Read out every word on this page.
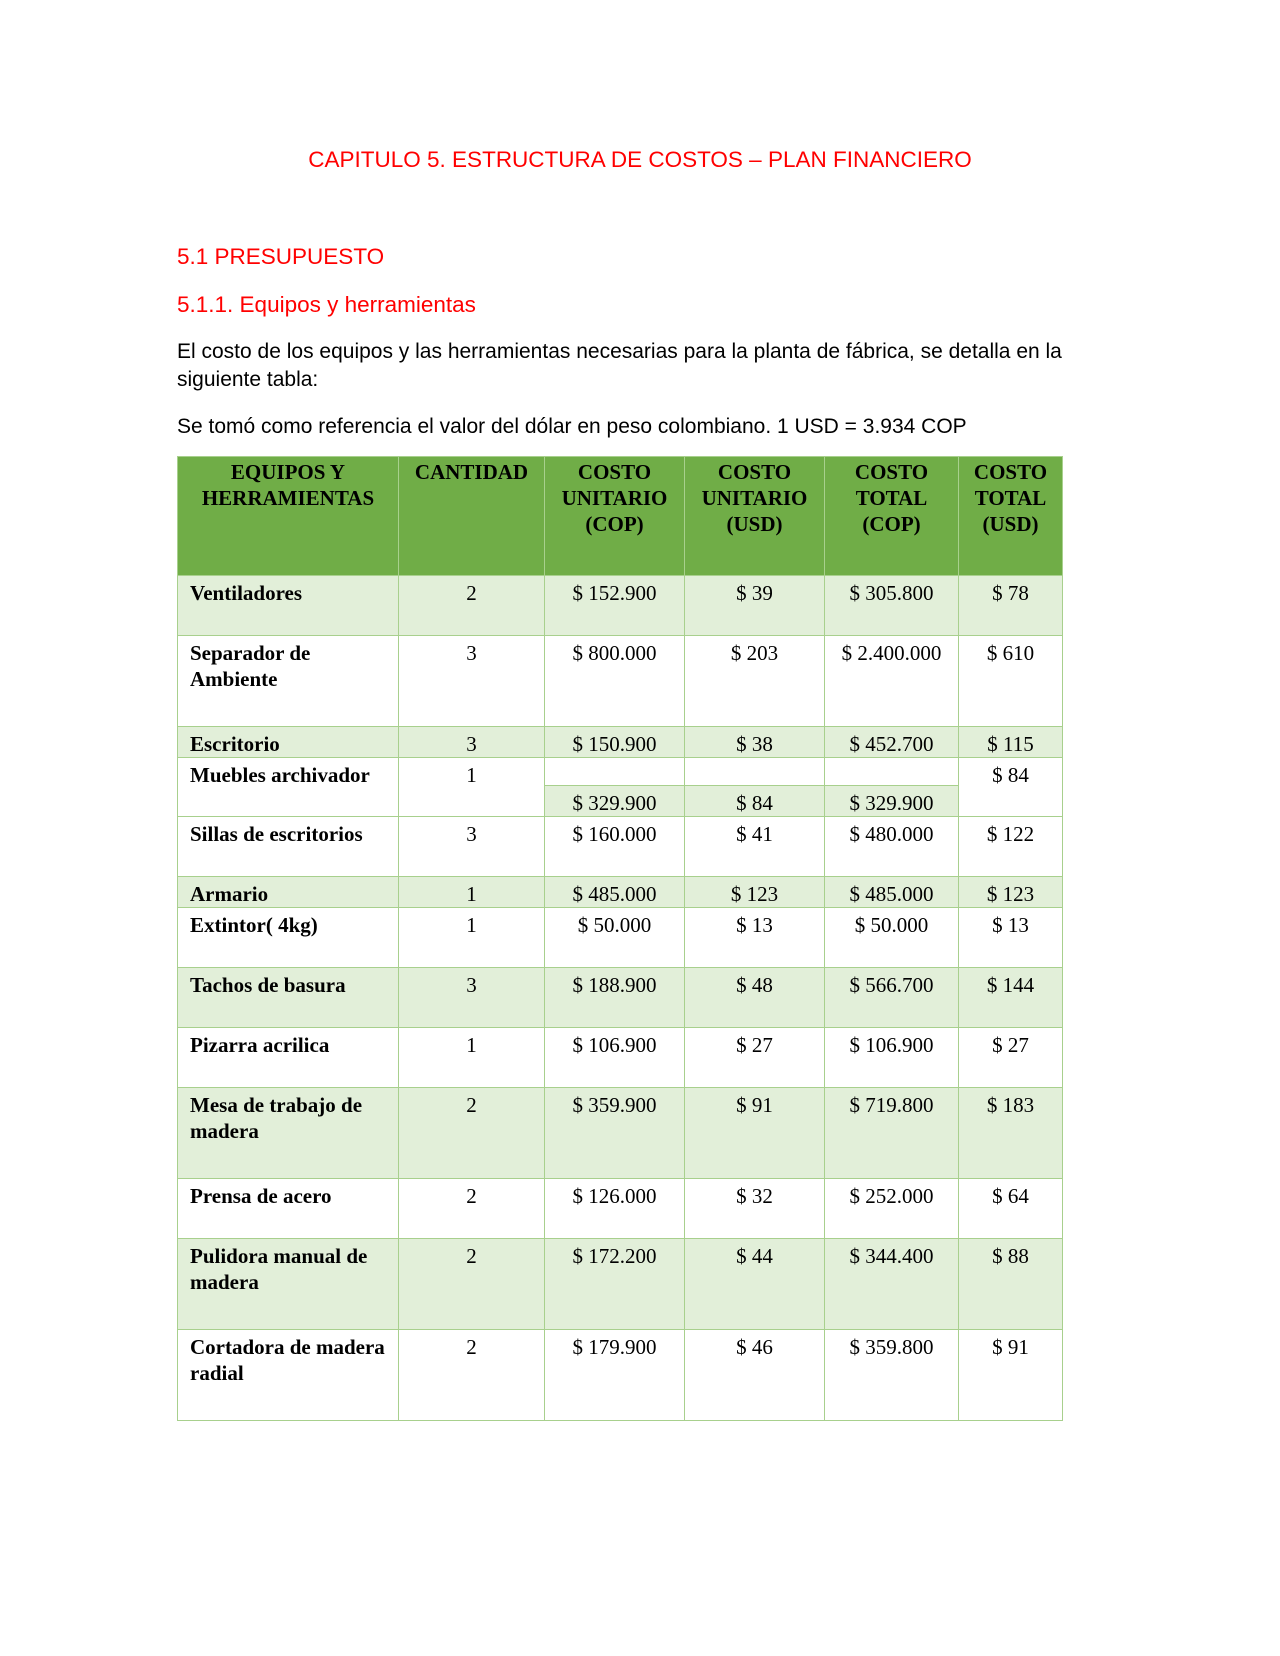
CAPITULO 5. ESTRUCTURA DE COSTOS – PLAN FINANCIERO
5.1 PRESUPUESTO
5.1.1. Equipos y herramientas
El costo de los equipos y las herramientas necesarias para la planta de fábrica, se detalla en la siguiente tabla:
Se tomó como referencia el valor del dólar en peso colombiano. 1 USD = 3.934 COP
EQUIPOS Y HERRAMIENTAS	CANTIDAD	COSTO UNITARIO (COP)	COSTO UNITARIO (USD)	COSTO TOTAL (COP)	COSTO TOTAL (USD)
Ventiladores	2	$ 152.900	$ 39	$ 305.800	$ 78
Separador de Ambiente	3	$ 800.000	$ 203	$ 2.400.000	$ 610
Escritorio	3	$ 150.900	$ 38	$ 452.700	$ 115
Muebles archivador	1				$ 84
		$ 329.900	$ 84	$ 329.900	
Sillas de escritorios	3	$ 160.000	$ 41	$ 480.000	$ 122
Armario	1	$ 485.000	$ 123	$ 485.000	$ 123
Extintor( 4kg)	1	$ 50.000	$ 13	$ 50.000	$ 13
Tachos de basura	3	$ 188.900	$ 48	$ 566.700	$ 144
Pizarra acrilica	1	$ 106.900	$ 27	$ 106.900	$ 27
Mesa de trabajo de madera	2	$ 359.900	$ 91	$ 719.800	$ 183
Prensa de acero	2	$ 126.000	$ 32	$ 252.000	$ 64
Pulidora manual de madera	2	$ 172.200	$ 44	$ 344.400	$ 88
Cortadora de madera radial	2	$ 179.900	$ 46	$ 359.800	$ 91
